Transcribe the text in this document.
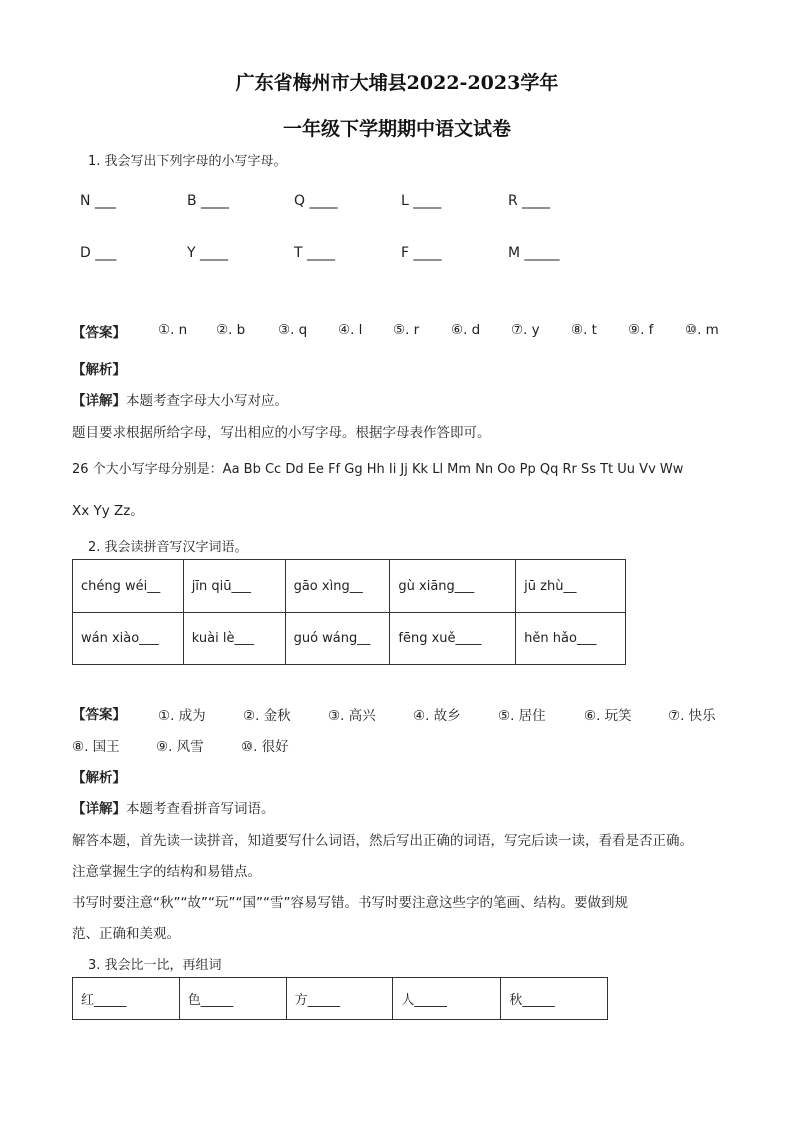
广东省梅州市大埔县2022-2023学年
一年级下学期期中语文试卷
1. 我会写出下列字母的小写字母。
N ___	B ____	Q ____	L ____	R ____
D ___	Y ____	T ____	F ____	M _____
【答案】 ①. n ②. b ③. q ④. l ⑤. r ⑥. d ⑦. y ⑧. t ⑨. f ⑩. m
【解析】
【详解】本题考查字母大小写对应。
题目要求根据所给字母，写出相应的小写字母。根据字母表作答即可。
26 个大小写字母分别是：Aa Bb Cc Dd Ee Ff Gg Hh Ii Jj Kk Ll Mm Nn Oo Pp Qq Rr Ss Tt Uu Vv Ww
Xx Yy Zz。
2. 我会读拼音写汉字词语。
chéng wéi__	jīn qiū___	gāo xìng__	gù xiāng___	jū zhù__
wán xiào___	kuài lè___	guó wáng__	fēng xuě____	hěn hǎo___
【答案】 ①. 成为	②. 金秋	③. 高兴	④. 故乡	⑤. 居住	⑥. 玩笑	⑦. 快乐
⑧. 国王	⑨. 风雪	⑩. 很好
【解析】
【详解】本题考查看拼音写词语。
解答本题，首先读一读拼音，知道要写什么词语，然后写出正确的词语，写完后读一读，看看是否正确。
注意掌握生字的结构和易错点。
书写时要注意“秋”“故”“玩”“国”“雪”容易写错。书写时要注意这些字的笔画、结构。要做到规
范、正确和美观。
3. 我会比一比，再组词
红_____	色_____	方_____	人_____	秋_____
